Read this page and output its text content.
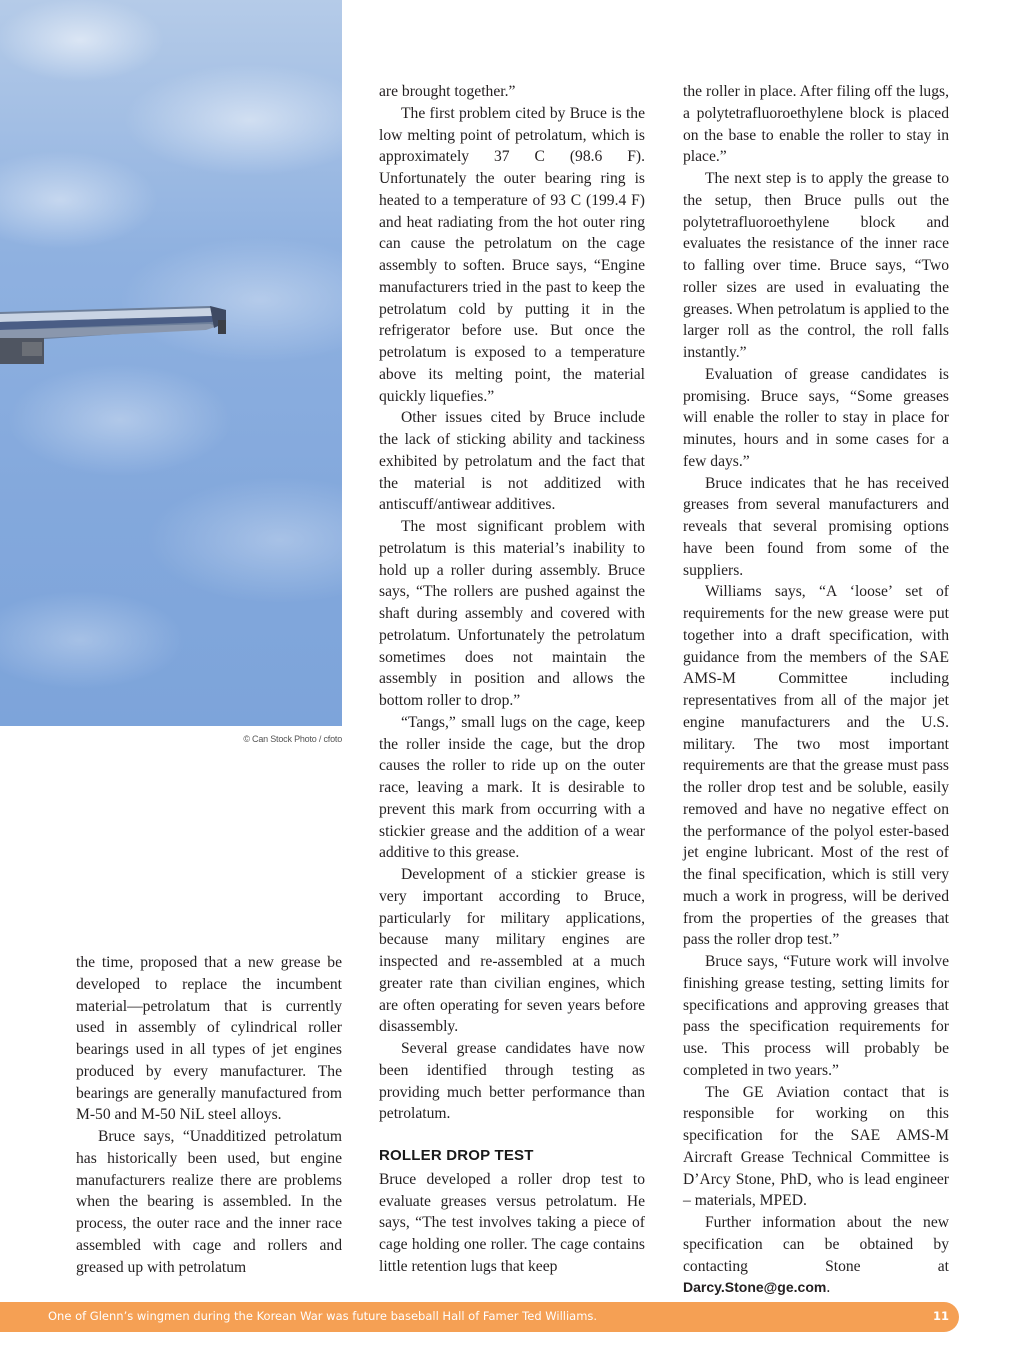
© Can Stock Photo / cfoto

the time, proposed that a new grease be developed to replace the incumbent material—petrolatum that is currently used in assembly of cylindrical roller bearings used in all types of jet engines produced by every manufacturer. The bearings are generally manufactured from M-50 and M-50 NiL steel alloys.

Bruce says, “Unadditized petrolatum has historically been used, but engine manufacturers realize there are problems when the bearing is assembled. In the process, the outer race and the inner race assembled with cage and rollers and greased up with petrolatum

are brought together.”

The first problem cited by Bruce is the low melting point of petrolatum, which is approximately 37 C (98.6 F). Unfortunately the outer bearing ring is heated to a temperature of 93 C (199.4 F) and heat radiating from the hot outer ring can cause the petrolatum on the cage assembly to soften. Bruce says, “Engine manufacturers tried in the past to keep the petrolatum cold by putting it in the refrigerator before use. But once the petrolatum is exposed to a temperature above its melting point, the material quickly liquefies.”

Other issues cited by Bruce include the lack of sticking ability and tackiness exhibited by petrolatum and the fact that the material is not additized with antiscuff/antiwear additives.

The most significant problem with petrolatum is this material’s inability to hold up a roller during assembly. Bruce says, “The rollers are pushed against the shaft during assembly and covered with petrolatum. Unfortunately the petrolatum sometimes does not maintain the assembly in position and allows the bottom roller to drop.”

“Tangs,” small lugs on the cage, keep the roller inside the cage, but the drop causes the roller to ride up on the outer race, leaving a mark. It is desirable to prevent this mark from occurring with a stickier grease and the addition of a wear additive to this grease.

Development of a stickier grease is very important according to Bruce, particularly for military applications, because many military engines are inspected and re-assembled at a much greater rate than civilian engines, which are often operating for seven years before disassembly.

Several grease candidates have now been identified through testing as providing much better performance than petrolatum.

ROLLER DROP TEST

Bruce developed a roller drop test to evaluate greases versus petrolatum. He says, “The test involves taking a piece of cage holding one roller. The cage contains little retention lugs that keep

the roller in place. After filing off the lugs, a polytetrafluoroethylene block is placed on the base to enable the roller to stay in place.”

The next step is to apply the grease to the setup, then Bruce pulls out the polytetrafluoroethylene block and evaluates the resistance of the inner race to falling over time. Bruce says, “Two roller sizes are used in evaluating the greases. When petrolatum is applied to the larger roll as the control, the roll falls instantly.”

Evaluation of grease candidates is promising. Bruce says, “Some greases will enable the roller to stay in place for minutes, hours and in some cases for a few days.”

Bruce indicates that he has received greases from several manufacturers and reveals that several promising options have been found from some of the suppliers.

Williams says, “A ‘loose’ set of requirements for the new grease were put together into a draft specification, with guidance from the members of the SAE AMS-M Committee including representatives from all of the major jet engine manufacturers and the U.S. military. The two most important requirements are that the grease must pass the roller drop test and be soluble, easily removed and have no negative effect on the performance of the polyol ester-based jet engine lubricant. Most of the rest of the final specification, which is still very much a work in progress, will be derived from the properties of the greases that pass the roller drop test.”

Bruce says, “Future work will involve finishing grease testing, setting limits for specifications and approving greases that pass the specification requirements for use. This process will probably be completed in two years.”

The GE Aviation contact that is responsible for working on this specification for the SAE AMS-M Aircraft Grease Technical Committee is D’Arcy Stone, PhD, who is lead engineer – materials, MPED.

Further information about the new specification can be obtained by contacting Stone at Darcy.Stone@ge.com.

One of Glenn’s wingmen during the Korean War was future baseball Hall of Famer Ted Williams.	11
